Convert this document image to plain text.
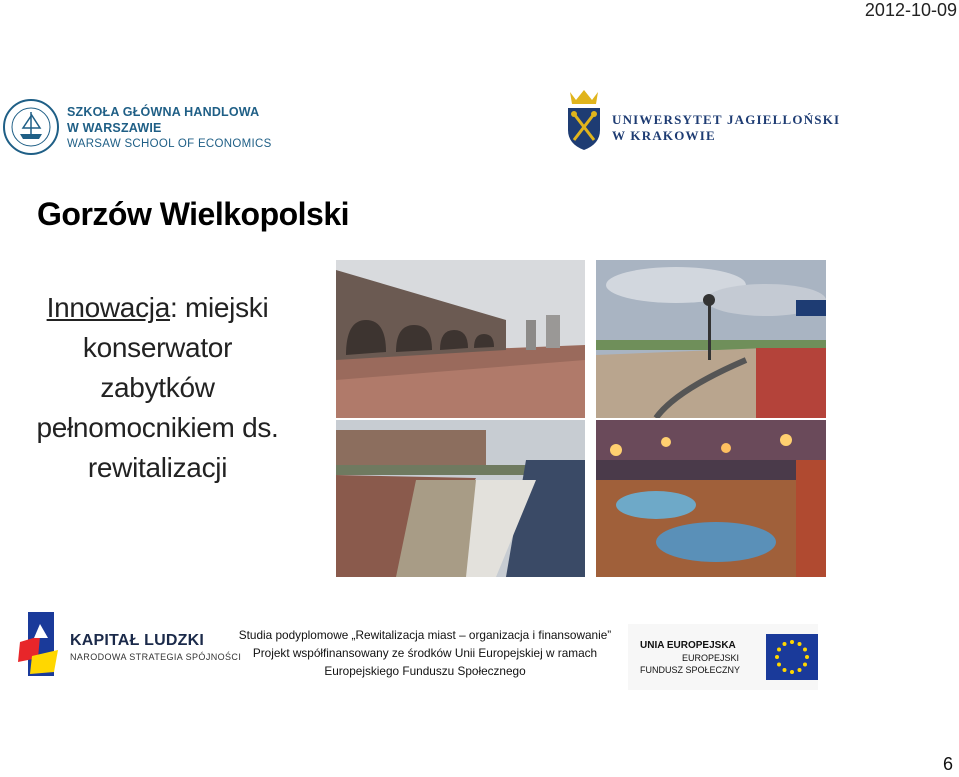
2012-10-09
SZKOŁA GŁÓWNA HANDLOWA
W WARSZAWIE
WARSAW SCHOOL OF ECONOMICS
UNIWERSYTET JAGIELLOŃSKI
W KRAKOWIE
Gorzów Wielkopolski
Innowacja: miejski
konserwator
zabytków
pełnomocnikiem ds.
rewitalizacji
KAPITAŁ LUDZKI
NARODOWA STRATEGIA SPÓJNOŚCI
Studia podyplomowe „Rewitalizacja miast – organizacja i finansowanie”
Projekt współfinansowany ze środków Unii Europejskiej w ramach
Europejskiego Funduszu Społecznego
UNIA EUROPEJSKA
EUROPEJSKI
FUNDUSZ SPOŁECZNY
6
